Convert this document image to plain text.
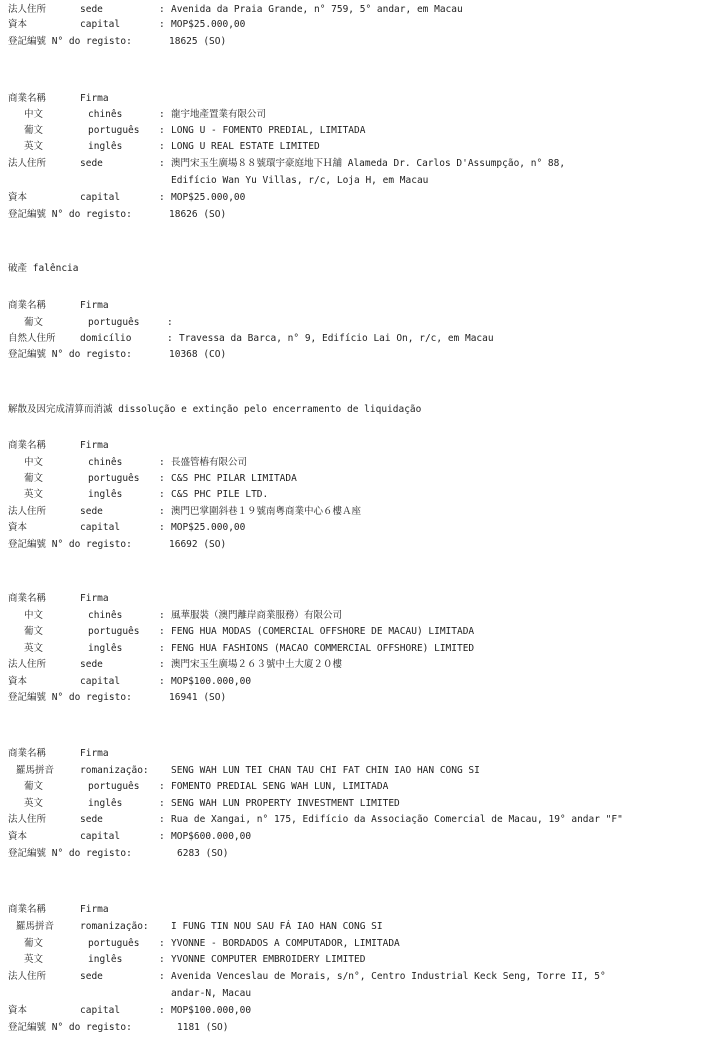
法人住所	sede	: Avenida da Praia Grande, n° 759, 5° andar, em Macau
資本	capital	: MOP$25.000,00
登記編號 N° do registo:	18625 (SO)
商業名稱	Firma
中文	chinês	: 龍宇地產置業有限公司
葡文	português : LONG U - FOMENTO PREDIAL, LIMITADA
英文	inglês	: LONG U REAL ESTATE LIMITED
法人住所	sede	: 澳門宋玉生廣場８８號環宇豪庭地下Ｈ舖 Alameda Dr. Carlos D'Assumpção, n° 88,
Edifício Wan Yu Villas, r/c, Loja H, em Macau
資本	capital	: MOP$25.000,00
登記編號 N° do registo:	18626 (SO)
破產 falência
商業名稱	Firma
葡文	português	:
自然人住所	domicílio	: Travessa da Barca, n° 9, Edifício Lai On, r/c, em Macau
登記編號 N° do registo:	10368 (CO)
解散及因完成清算而消滅 dissolução e extinção pelo encerramento de liquidação
商業名稱	Firma
中文	chinês	: 長盛管樁有限公司
葡文	português : C&S PHC PILAR LIMITADA
英文	inglês	: C&S PHC PILE LTD.
法人住所	sede	: 澳門巴掌圍斜巷１９號南粵商業中心６樓Ａ座
資本	capital	: MOP$25.000,00
登記編號 N° do registo:	16692 (SO)
商業名稱	Firma
中文	chinês	: 風華服裝（澳門離岸商業服務）有限公司
葡文	português : FENG HUA MODAS (COMERCIAL OFFSHORE DE MACAU) LIMITADA
英文	inglês	: FENG HUA FASHIONS (MACAO COMMERCIAL OFFSHORE) LIMITED
法人住所	sede	: 澳門宋玉生廣場２６３號中土大廈２０樓
資本	capital	: MOP$100.000,00
登記編號 N° do registo:	16941 (SO)
商業名稱	Firma
羅馬拼音	romanização: SENG WAH LUN TEI CHAN TAU CHI FAT CHIN IAO HAN CONG SI
葡文	português : FOMENTO PREDIAL SENG WAH LUN, LIMITADA
英文	inglês	: SENG WAH LUN PROPERTY INVESTMENT LIMITED
法人住所	sede	: Rua de Xangai, n° 175, Edifício da Associação Comercial de Macau, 19° andar "F"
資本	capital	: MOP$600.000,00
登記編號 N° do registo:	6283 (SO)
商業名稱	Firma
羅馬拼音	romanização: I FUNG TIN NOU SAU FÁ IAO HAN CONG SI
葡文	português : YVONNE - BORDADOS A COMPUTADOR, LIMITADA
英文	inglês	: YVONNE COMPUTER EMBROIDERY LIMITED
法人住所	sede	: Avenida Venceslau de Morais, s/n°, Centro Industrial Keck Seng, Torre II, 5°
andar-N, Macau
資本	capital	: MOP$100.000,00
登記編號 N° do registo:	1181 (SO)
